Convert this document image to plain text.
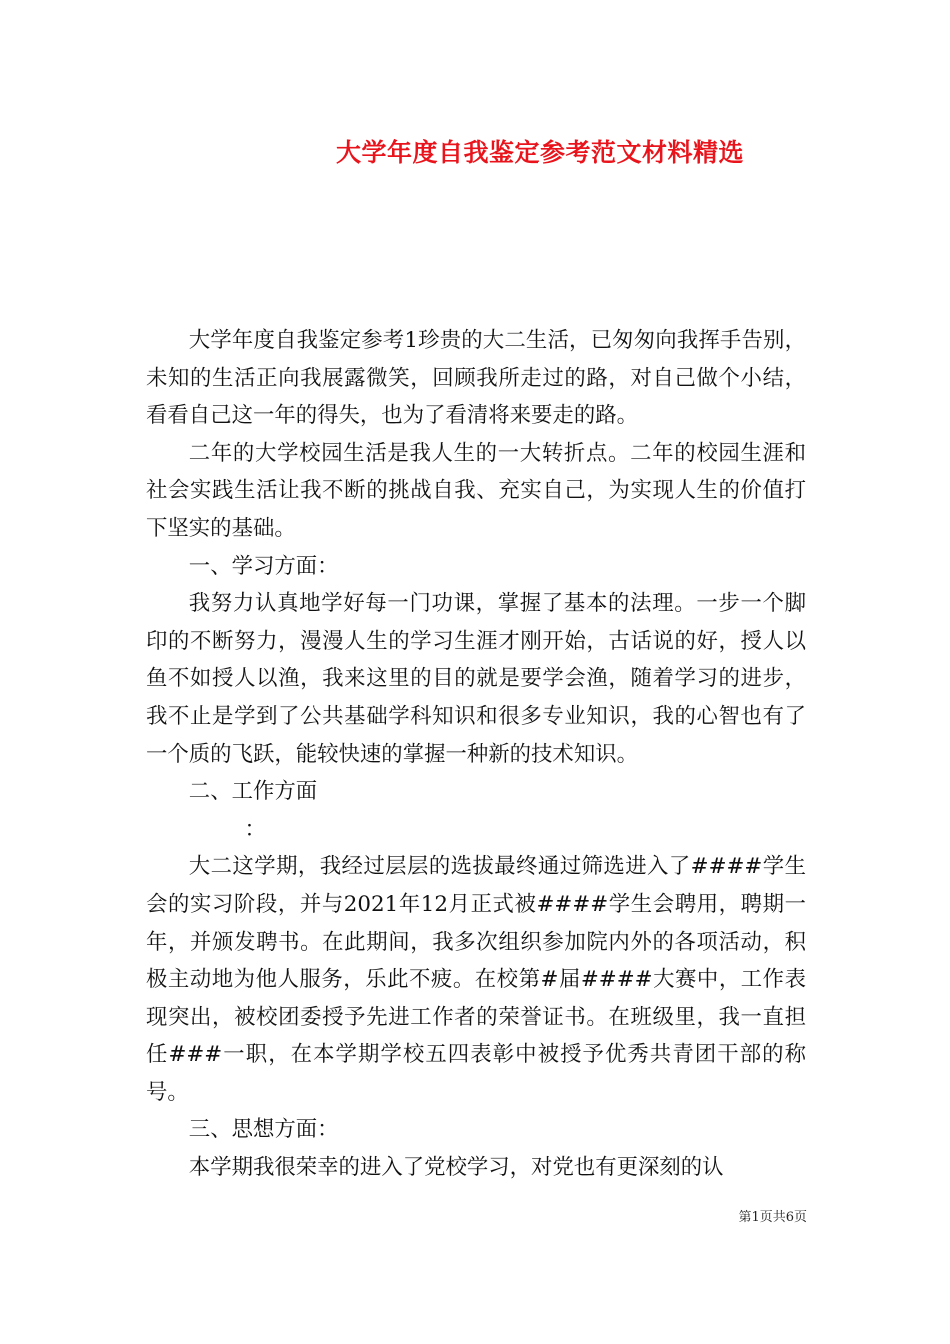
大学年度自我鉴定参考范文材料精选

大学年度自我鉴定参考1珍贵的大二生活，已匆匆向我挥手告别，未知的生活正向我展露微笑，回顾我所走过的路，对自己做个小结，看看自己这一年的得失，也为了看清将来要走的路。

二年的大学校园生活是我人生的一大转折点。二年的校园生涯和社会实践生活让我不断的挑战自我、充实自己，为实现人生的价值打下坚实的基础。

一、学习方面：

我努力认真地学好每一门功课，掌握了基本的法理。一步一个脚印的不断努力，漫漫人生的学习生涯才刚开始，古话说的好，授人以鱼不如授人以渔，我来这里的目的就是要学会渔，随着学习的进步，我不止是学到了公共基础学科知识和很多专业知识，我的心智也有了一个质的飞跃，能较快速的掌握一种新的技术知识。

二、工作方面

：

大二这学期，我经过层层的选拔最终通过筛选进入了####学生会的实习阶段，并与2021年12月正式被####学生会聘用，聘期一年，并颁发聘书。在此期间，我多次组织参加院内外的各项活动，积极主动地为他人服务，乐此不疲。在校第#届####大赛中，工作表现突出，被校团委授予先进工作者的荣誉证书。在班级里，我一直担任###一职，在本学期学校五四表彰中被授予优秀共青团干部的称号。

三、思想方面：

本学期我很荣幸的进入了党校学习，对党也有更深刻的认

第1页共6页
